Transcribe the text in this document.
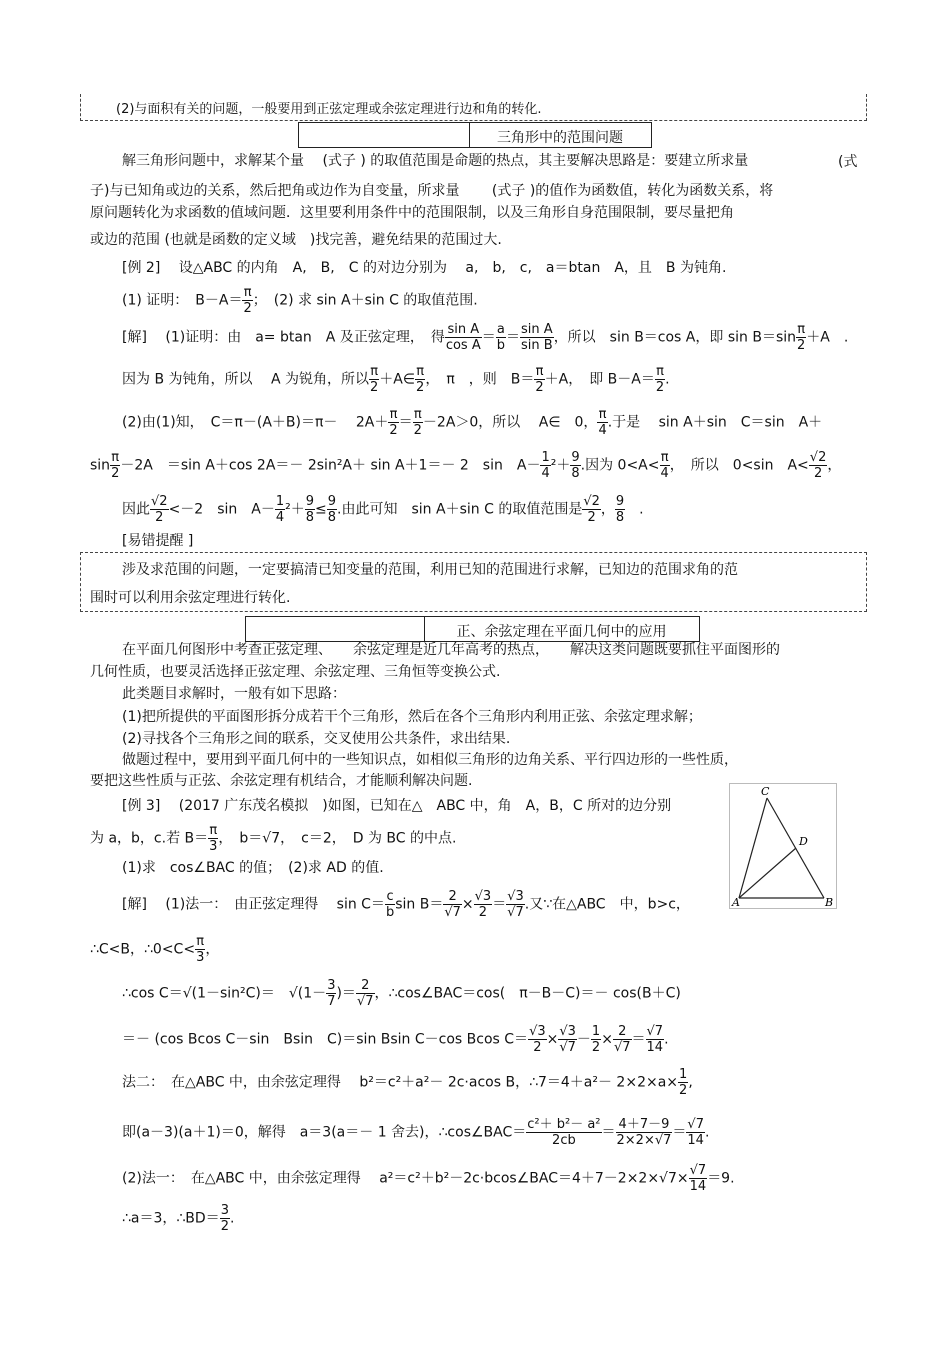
(2)与面积有关的问题，一般要用到正弦定理或余弦定理进行边和角的转化.
三角形中的范围问题
解三角形问题中，求解某个量　 (式子 ) 的取值范围是命题的热点，其主要解决思路是：要建立所求量	(式
子)与已知角或边的关系，然后把角或边作为自变量，所求量　　 (式子 )的值作为函数值，转化为函数关系，将
原问题转化为求函数的值域问题．这里要利用条件中的范围限制，以及三角形自身范围限制，要尽量把角
或边的范围 (也就是函数的定义域　)找完善，避免结果的范围过大.
[例 2]　 设△ABC 的内角　A,　B,　C 的对边分别为　 a,　b,　c,　a＝btan　A，且　B 为钝角.
(1) 证明：　$B-A= \frac{\pi}{2}$ ；　(2) 求 sin A＋sin C 的取值范围.
[解]　 (1)证明：由　a= btan　A 及正弦定理，　得 $\frac{\text{sin A}}{\text{cos A}} = \frac{a}{b} = \frac{\text{sin A}}{\text{sin B}}$ ，所以　sin B＝cos A，即 $\sin B=\sin \frac{\pi}{2} +A$　.
因为 B 为钝角，所以　 A 为锐角，所以 $\frac{\pi}{2}$ ＋A∈ $\frac{\pi}{2}$ ，　π　，则　$B= \frac{\pi}{2} +A$，　即 $B-A= \frac{\pi}{2}$ .
(2)由(1)知，　C＝π－(A＋B)＝π－　 $2A+ \frac{\pi}{2} = \frac{\pi}{2} -2A>0$，所以　 A∈　0， $\frac{\pi}{4}$ .于是　 sin A＋sin　C＝sin　A＋
$\sin \frac{\pi}{2} -2A$　＝sin A＋cos 2A＝－ 2sin²A＋ sin A＋1＝－ 2　sin　$A- \frac{1}{4} ^2+ \frac{9}{8}$ .因为 $0<A< \frac{\pi}{4}$ ，　所以　0<sin　$A< \frac{√2}{2}$ ，
因此 $\frac{√2}{2} <-2$　sin　$A- \frac{1}{4} ^2+ \frac{9}{8} \le \frac{9}{8}$ .由此可知　sin A＋sin C 的取值范围是 $\frac{√2}{2}$ ， $\frac{9}{8}$ 　.
[易错提醒 ]
涉及求范围的问题，一定要搞清已知变量的范围，利用已知的范围进行求解，已知边的范围求角的范
围时可以利用余弦定理进行转化.
正、余弦定理在平面几何中的应用
在平面几何图形中考查正弦定理、　　余弦定理是近几年高考的热点，　　解决这类问题既要抓住平面图形的
几何性质，也要灵活选择正弦定理、余弦定理、三角恒等变换公式.
此类题目求解时，一般有如下思路：
(1)把所提供的平面图形拆分成若干个三角形，然后在各个三角形内利用正弦、余弦定理求解；
(2)寻找各个三角形之间的联系，交叉使用公共条件，求出结果.
做题过程中，要用到平面几何中的一些知识点，如相似三角形的边角关系、平行四边形的一些性质，
要把这些性质与正弦、余弦定理有机结合，才能顺利解决问题.
[例 3]　 (2017 广东茂名模拟　)如图，已知在△　ABC 中，角　A，B，C 所对的边分别
为 a，b，c.若 $B= \frac{\pi}{3}$ ，　b＝√7，　c＝2，　D 为 BC 的中点.
(1)求　cos∠BAC 的值；　(2)求 AD 的值.
C
D
A	B
[解]　 (1)法一：　由正弦定理得　 $\sin C= \frac{c}{b}$ $\sin B= \frac{2}{√7} \times \frac{√3}{2} = \frac{√3}{√7}$ .又∵在△ABC　中，b>c，
∴C<B，∴0<C< $\frac{\pi}{3}$ ，
∴cos C＝√(1－sin²C)＝　$√(1- \frac{3}{7}$ )＝ $\frac{2}{√7}$ ，∴cos∠BAC＝cos(　π－B－C)＝－ cos(B＋C)
＝－ (cos Bcos C－sin　Bsin　C)＝sin Bsin C－cos Bcos $C= \frac{√3}{2} \times \frac{√3}{√7} - \frac{1}{2} \times \frac{2}{√7} = \frac{√7}{14}$ .
法二：　在△ABC 中，由余弦定理得　 b²＝c²＋a²－ 2c·acos B，∴7＝4＋a²－ $2\times 2\times a\times \frac{1}{2}$ ,
即(a－3)(a＋1)＝0，解得　a＝3(a＝－ 1 舍去)，∴cos∠BAC＝ $\frac{\text{c²＋ b²－ a²}}{2cb} = \frac{4+7-9}{2\times 2\times√7} = \frac{√7}{14}$ .
(2)法一：　在△ABC 中，由余弦定理得　 a²＝c²＋b²－2c·bcos∠BAC＝4＋7－2×2×√7× $\frac{√7}{14} =9$.
∴a＝3，∴BD＝ $\frac{3}{2}$ .
